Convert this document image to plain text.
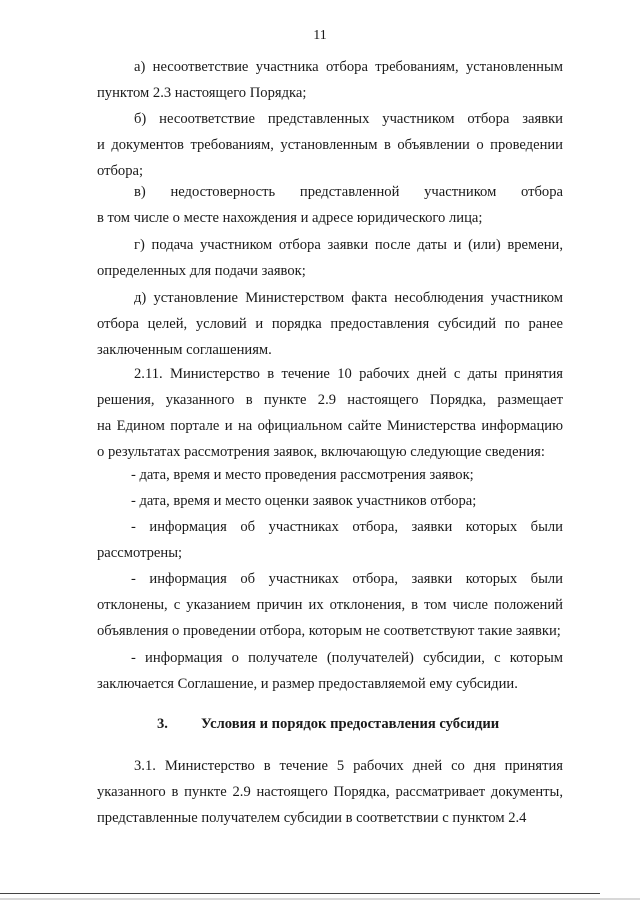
11
а) несоответствие участника отбора требованиям, установленным
пунктом 2.3 настоящего Порядка;
б) несоответствие представленных участником отбора заявки
и документов требованиям, установленным в объявлении о проведении
отбора;
в) недостоверность представленной участником отбора
в том числе о месте нахождения и адресе юридического лица;
г) подача участником отбора заявки после даты и (или) времени,
определенных для подачи заявок;
д) установление Министерством факта несоблюдения участником
отбора целей, условий и порядка предоставления субсидий по ранее
заключенным соглашениям.
2.11. Министерство в течение 10 рабочих дней с даты принятия
решения, указанного в пункте 2.9 настоящего Порядка, размещает
на Едином портале и на официальном сайте Министерства информацию
о результатах рассмотрения заявок, включающую следующие сведения:
- дата, время и место проведения рассмотрения заявок;
- дата, время и место оценки заявок участников отбора;
- информация об участниках отбора, заявки которых были
рассмотрены;
- информация об участниках отбора, заявки которых были
отклонены, с указанием причин их отклонения, в том числе положений
объявления о проведении отбора, которым не соответствуют такие заявки;
- информация о получателе (получателей) субсидии, с которым
заключается Соглашение, и размер предоставляемой ему субсидии.
3. Условия и порядок предоставления субсидии
3.1. Министерство в течение 5 рабочих дней со дня принятия
указанного в пункте 2.9 настоящего Порядка, рассматривает документы,
представленные получателем субсидии в соответствии с пунктом 2.4
